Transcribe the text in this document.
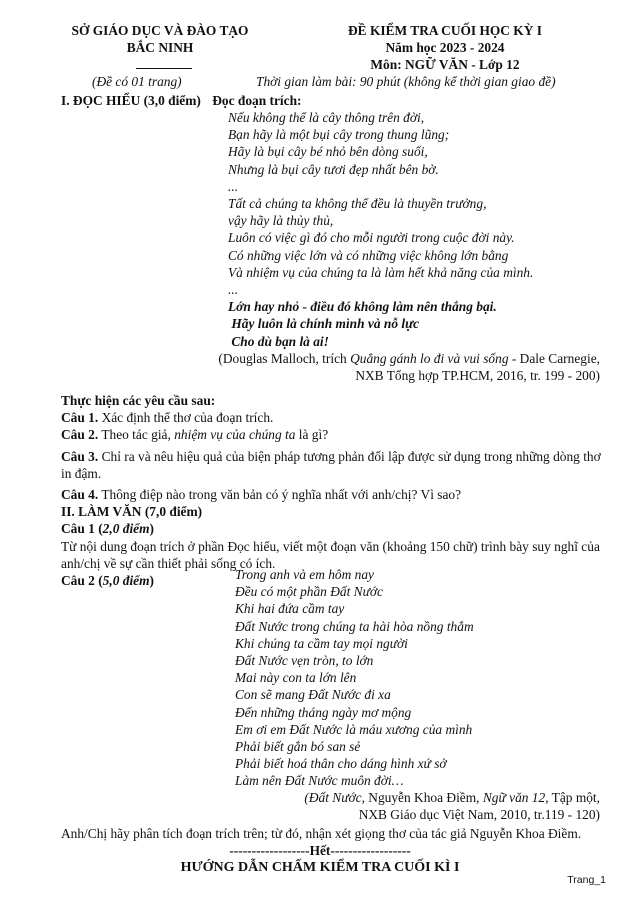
SỞ GIÁO DỤC VÀ ĐÀO TẠO
BẮC NINH
(Đề có 01 trang)
ĐỀ KIỂM TRA CUỐI HỌC KỲ I
Năm học 2023 - 2024
Môn: NGỮ VĂN - Lớp 12
Thời gian làm bài: 90 phút (không kể thời gian giao đề)
I. ĐỌC HIỂU (3,0 điểm) Đọc đoạn trích:
Nếu không thể là cây thông trên đời,
Bạn hãy là một bụi cây trong thung lũng;
Hãy là bụi cây bé nhỏ bên dòng suối,
Nhưng là bụi cây tươi đẹp nhất bên bờ.
...
Tất cả chúng ta không thể đều là thuyền trưởng,
vậy hãy là thủy thủ,
Luôn có việc gì đó cho mỗi người trong cuộc đời này.
Có những việc lớn và có những việc không lớn bằng
Và nhiệm vụ của chúng ta là làm hết khả năng của mình.
...
Lớn hay nhỏ - điều đó không làm nên thắng bại.
Hãy luôn là chính mình và nỗ lực
Cho dù bạn là ai!
(Douglas Malloch, trích Quẳng gánh lo đi và vui sống - Dale Carnegie,
NXB Tổng hợp TP.HCM, 2016, tr. 199 - 200)

Thực hiện các yêu cầu sau:

Câu 1. Xác định thể thơ của đoạn trích.

Câu 2. Theo tác giả, nhiệm vụ của chúng ta là gì?

Câu 3. Chỉ ra và nêu hiệu quả của biện pháp tương phản đối lập được sử dụng trong những dòng thơ in đậm.

Câu 4. Thông điệp nào trong văn bản có ý nghĩa nhất với anh/chị? Vì sao?

II. LÀM VĂN (7,0 điểm)

Câu 1 (2,0 điểm)

Từ nội dung đoạn trích ở phần Đọc hiểu, viết một đoạn văn (khoảng 150 chữ) trình bày suy nghĩ của anh/chị về sự cần thiết phải sống có ích.

Câu 2 (5,0 điểm)	Trong anh và em hôm nay
Đều có một phần Đất Nước
Khi hai đứa cầm tay
Đất Nước trong chúng ta hài hòa nồng thắm
Khi chúng ta cầm tay mọi người
Đất Nước vẹn tròn, to lớn
Mai này con ta lớn lên
Con sẽ mang Đất Nước đi xa
Đến những tháng ngày mơ mộng
Em ơi em Đất Nước là máu xương của mình
Phải biết gắn bó san sẻ
Phải biết hoá thân cho dáng hình xứ sở
Làm nên Đất Nước muôn đời…
(Đất Nước, Nguyễn Khoa Điềm, Ngữ văn 12, Tập một,
NXB Giáo dục Việt Nam, 2010, tr.119 - 120)
Anh/Chị hãy phân tích đoạn trích trên; từ đó, nhận xét giọng thơ của tác giả Nguyễn Khoa Điềm.
------------------Hết------------------
HƯỚNG DẪN CHẤM KIỂM TRA CUỐI KÌ I
Trang_1
